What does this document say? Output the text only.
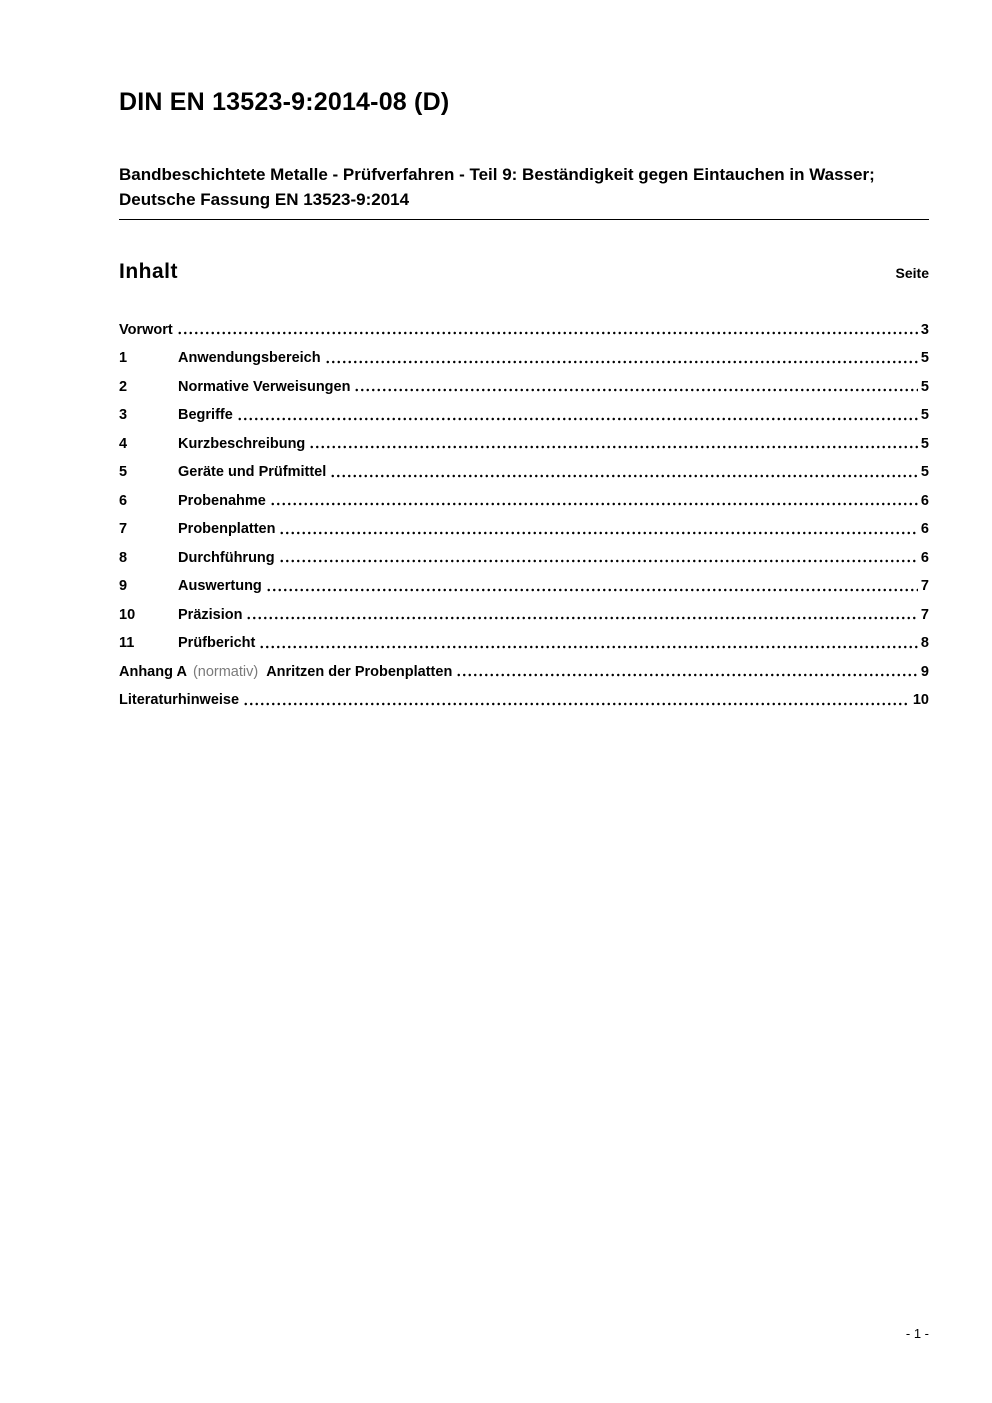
DIN EN 13523-9:2014-08 (D)
Bandbeschichtete Metalle - Prüfverfahren - Teil 9: Beständigkeit gegen Eintauchen in Wasser; Deutsche Fassung EN 13523-9:2014
Inhalt	Seite
Vorwort	3
1	Anwendungsbereich	5
2	Normative Verweisungen	5
3	Begriffe	5
4	Kurzbeschreibung	5
5	Geräte und Prüfmittel	5
6	Probenahme	6
7	Probenplatten	6
8	Durchführung	6
9	Auswertung	7
10	Präzision	7
11	Prüfbericht	8
Anhang A (normativ) Anritzen der Probenplatten	9
Literaturhinweise	10
- 1 -
